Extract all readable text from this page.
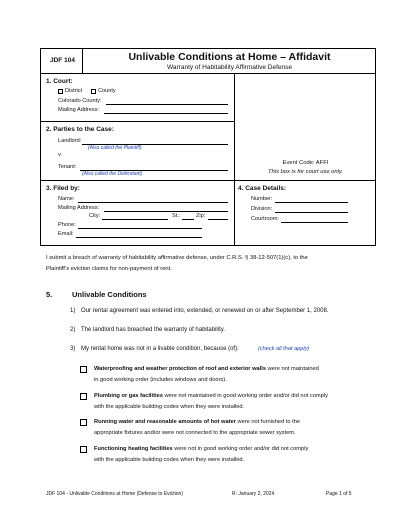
JDF 104	Unlivable Conditions at Home – Affidavit
Warranty of Habitability Affirmative Defense
1. Court:
District	County
Colorado County:
Mailing Address:
2. Parties to the Case:
Landlord:
(Also called the Plaintiff)
v.
Tenant:
(Also called the Defendant)
Event Code: AFFI
This box is for court use only.
3. Filed by:
Name:
Mailing Address:
City:	St.:	Zip:
Phone:
Email:
4. Case Details:
Number:
Division:
Courtroom:
I submit a breach of warranty of habitability affirmative defense, under C.R.S. § 38-12-507(1)(c), to the
Plaintiff’s eviction claims for non-payment of rent.
5.	Unlivable Conditions
1) Our rental agreement was entered into, extended, or renewed on or after September 1, 2008.
2) The landlord has breached the warranty of habitability.
3) My rental home was not in a livable condition, because (of):	(check all that apply)
Waterproofing and weather protection of roof and exterior walls were not maintained
in good working order (includes windows and doors).
Plumbing or gas facilities were not maintained in good working order and/or did not comply
with the applicable building codes when they were installed.
Running water and reasonable amounts of hot water were not furnished to the
appropriate fixtures and/or were not connected to the appropriate sewer system.
Functioning heating facilities were not in good working order and/or did not comply
with the applicable building codes when they were installed.
JDF 104 - Unlivable Conditions at Home (Defense to Eviction)	R: January 2, 2024	Page 1 of 5
